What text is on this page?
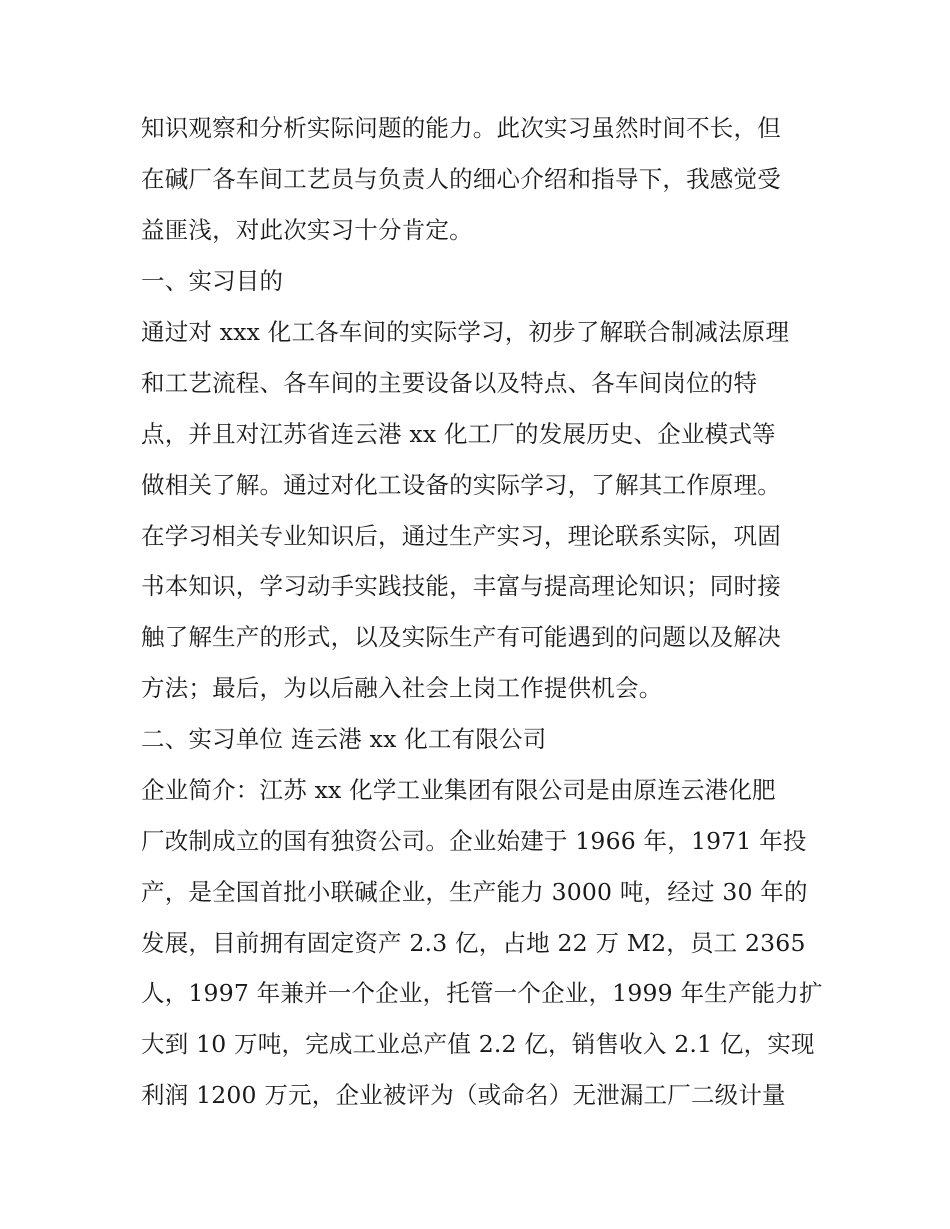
知识观察和分析实际问题的能力。此次实习虽然时间不长，但
在碱厂各车间工艺员与负责人的细心介绍和指导下，我感觉受
益匪浅，对此次实习十分肯定。
一、实习目的
通过对 xxx 化工各车间的实际学习，初步了解联合制减法原理
和工艺流程、各车间的主要设备以及特点、各车间岗位的特
点，并且对江苏省连云港 xx 化工厂的发展历史、企业模式等
做相关了解。通过对化工设备的实际学习，了解其工作原理。
在学习相关专业知识后，通过生产实习，理论联系实际，巩固
书本知识，学习动手实践技能，丰富与提高理论知识；同时接
触了解生产的形式，以及实际生产有可能遇到的问题以及解决
方法；最后，为以后融入社会上岗工作提供机会。
二、实习单位 连云港 xx 化工有限公司
企业简介：江苏 xx 化学工业集团有限公司是由原连云港化肥
厂改制成立的国有独资公司。企业始建于 1966 年，1971 年投
产，是全国首批小联碱企业，生产能力 3000 吨，经过 30 年的
发展，目前拥有固定资产 2.3 亿，占地 22 万 M2，员工 2365
人，1997 年兼并一个企业，托管一个企业，1999 年生产能力扩
大到 10 万吨，完成工业总产值 2.2 亿，销售收入 2.1 亿，实现
利润 1200 万元，企业被评为（或命名）无泄漏工厂二级计量
